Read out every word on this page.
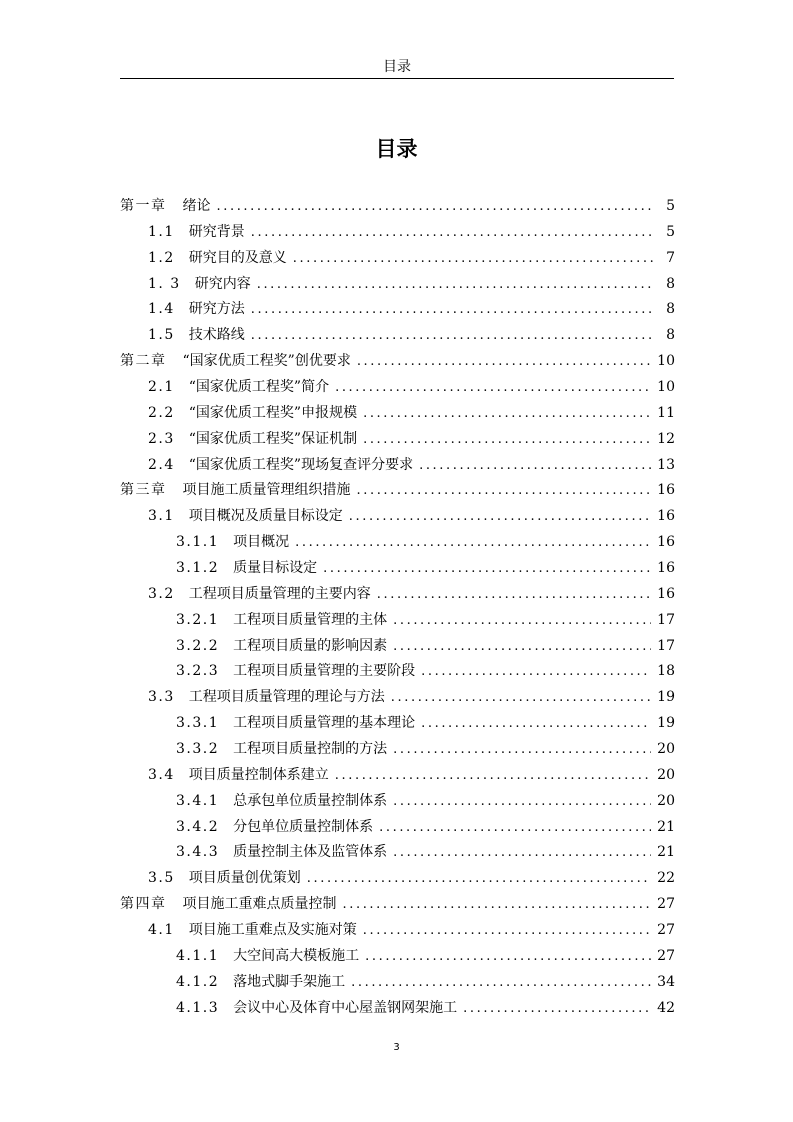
目录
目录
第一章	绪论 .....	5
1.1	研究背景 .....	5
1.2	研究目的及意义 .....	7
1. 3	研究内容 .....	8
1.4	研究方法 .....	8
1.5	技术路线 .....	8
第二章	“国家优质工程奖”创优要求 .....	10
2.1	“国家优质工程奖”简介 .....	10
2.2	“国家优质工程奖”申报规模 .....	11
2.3	“国家优质工程奖”保证机制 .....	12
2.4	“国家优质工程奖”现场复查评分要求 .....	13
第三章	项目施工质量管理组织措施 .....	16
3.1	项目概况及质量目标设定 .....	16
3.1.1	项目概况 .....	16
3.1.2	质量目标设定 .....	16
3.2	工程项目质量管理的主要内容 .....	16
3.2.1	工程项目质量管理的主体 .....	17
3.2.2	工程项目质量的影响因素 .....	17
3.2.3	工程项目质量管理的主要阶段 .....	18
3.3	工程项目质量管理的理论与方法 .....	19
3.3.1	工程项目质量管理的基本理论 .....	19
3.3.2	工程项目质量控制的方法 .....	20
3.4	项目质量控制体系建立 .....	20
3.4.1	总承包单位质量控制体系 .....	20
3.4.2	分包单位质量控制体系 .....	21
3.4.3	质量控制主体及监管体系 .....	21
3.5	项目质量创优策划 .....	22
第四章	项目施工重难点质量控制 .....	27
4.1	项目施工重难点及实施对策 .....	27
4.1.1	大空间高大模板施工 .....	27
4.1.2	落地式脚手架施工 .....	34
4.1.3	会议中心及体育中心屋盖钢网架施工 .....	42
3
